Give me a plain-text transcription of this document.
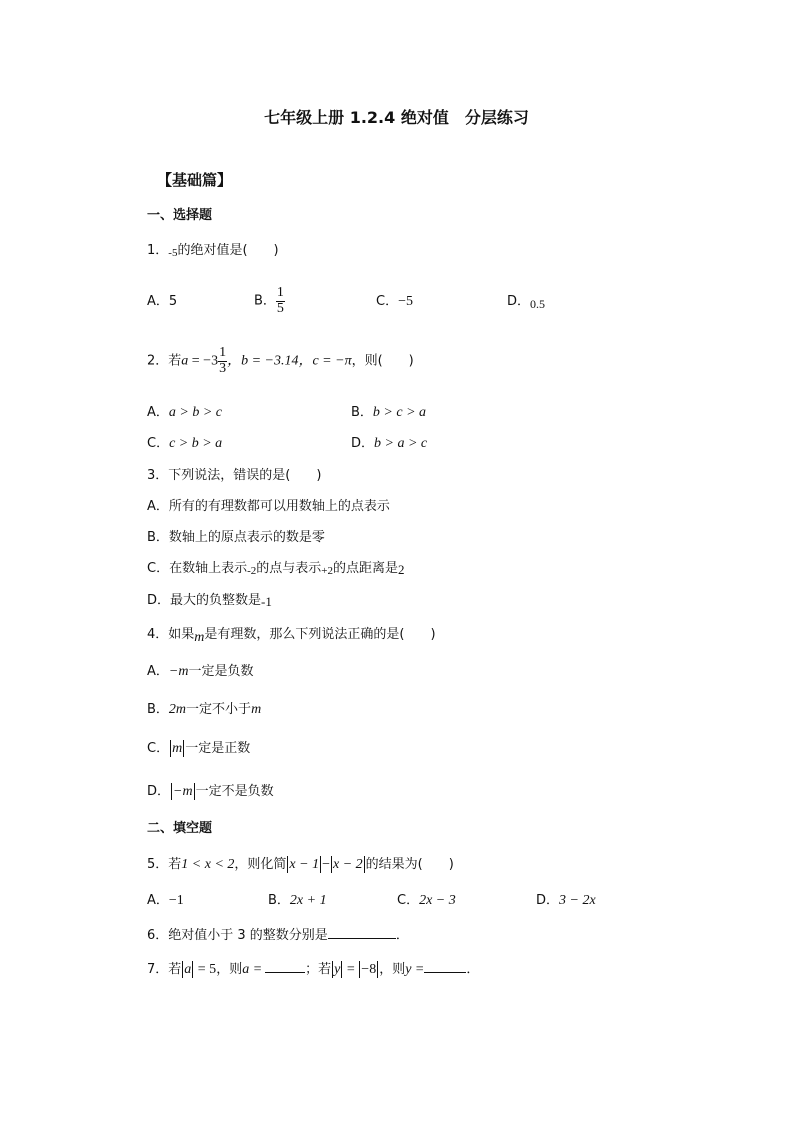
七年级上册 1.2.4 绝对值　分层练习
【基础篇】
一、选择题
1．-5的绝对值是(　　)
A．5	B． $\frac{1}{5}$	C．−5	D．0.5
2．若$a = -3 \frac{1}{3}$ ，b = −3.14，c = −π，则(　　)
A．a > b > c	B．b > c > a
C．c > b > a	D．b > a > c
3．下列说法，错误的是(　　)
A．所有的有理数都可以用数轴上的点表示
B．数轴上的原点表示的数是零
C．在数轴上表示-2的点与表示+2的点距离是2
D．最大的负整数是-1
4．如果m是有理数，那么下列说法正确的是(　　)
A．−m一定是负数
B．2m一定不小于m
C． m 一定是正数
D． −m 一定不是负数
二、填空题
5．若1 < x < 2，则化简 x − 1 − x − 2 的结果为(　　)
A．−1	B．2x + 1	C．2x − 3	D．3 − 2x
6．绝对值小于 3 的整数分别是	．
7．若 a = 5，则a =	；若 y = −8 ，则y =	．
